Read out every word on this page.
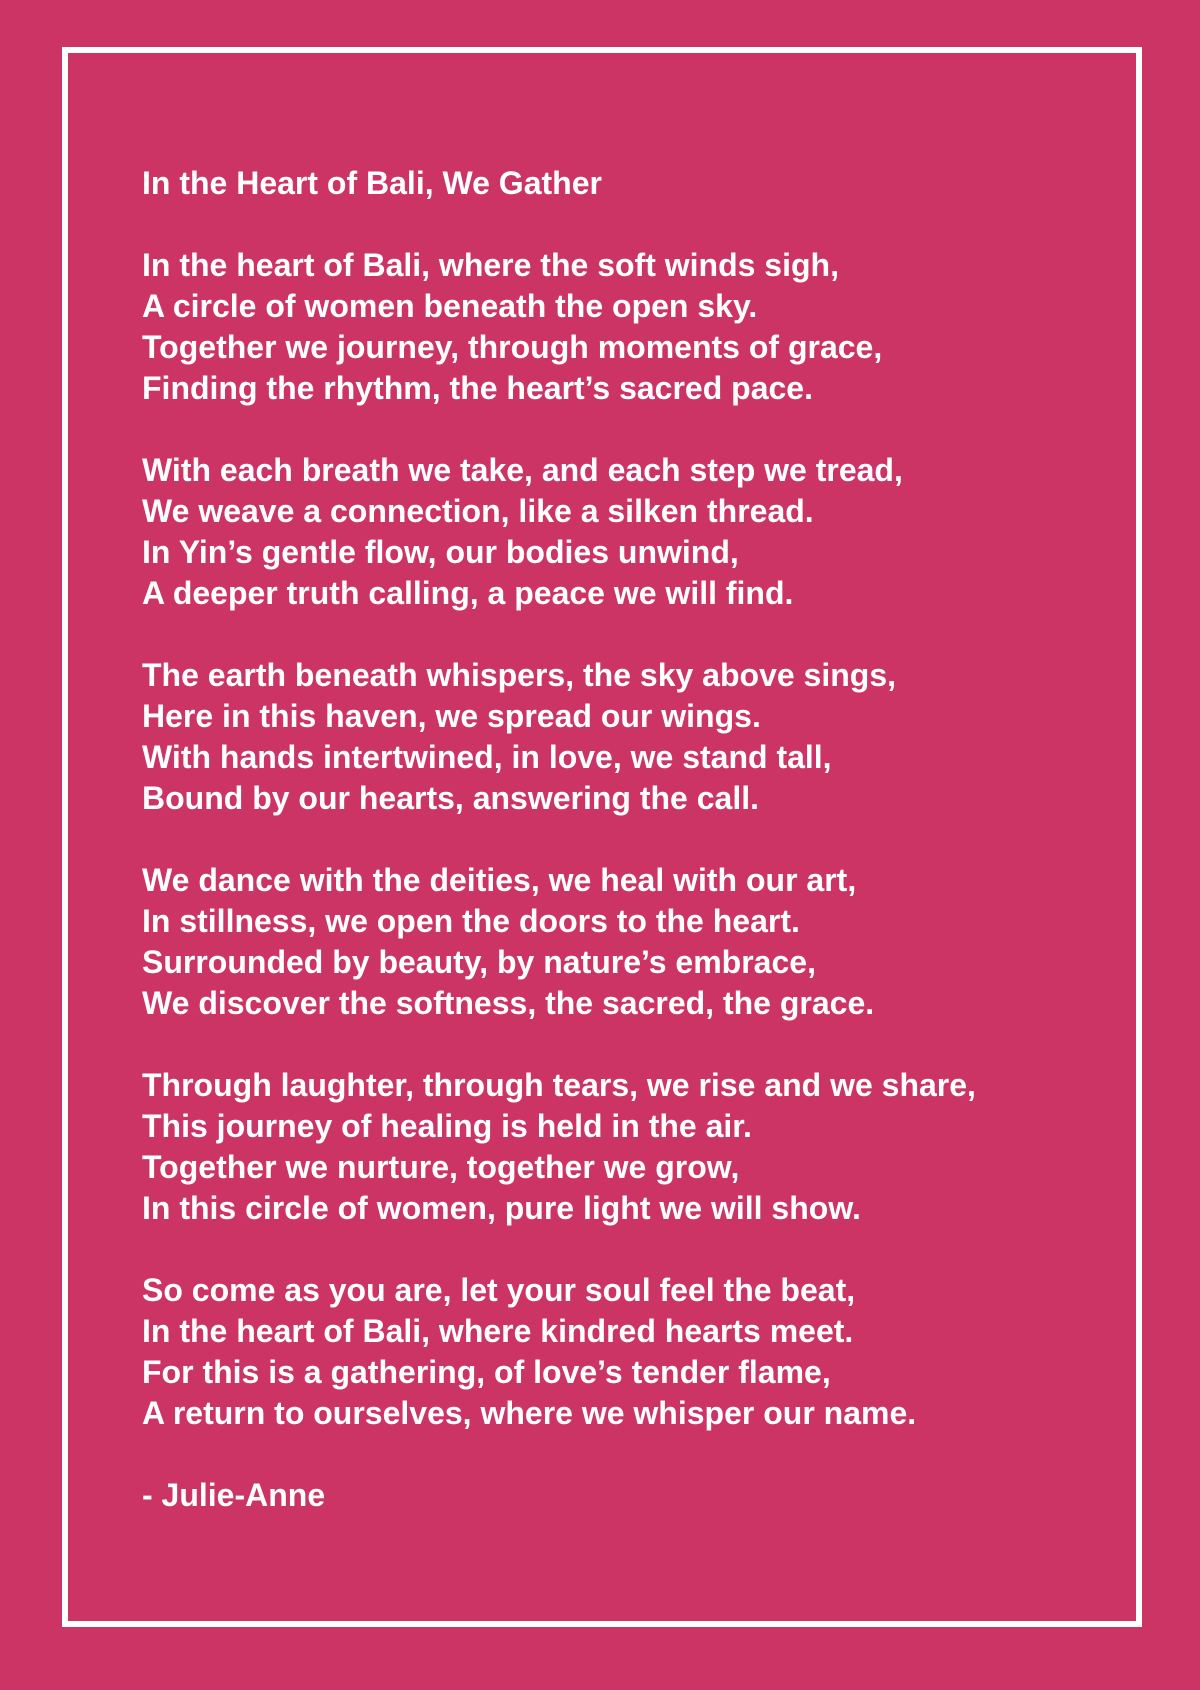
In the Heart of Bali, We Gather
In the heart of Bali, where the soft winds sigh,
A circle of women beneath the open sky.
Together we journey, through moments of grace,
Finding the rhythm, the heart’s sacred pace.
With each breath we take, and each step we tread,
We weave a connection, like a silken thread.
In Yin’s gentle flow, our bodies unwind,
A deeper truth calling, a peace we will find.
The earth beneath whispers, the sky above sings,
Here in this haven, we spread our wings.
With hands intertwined, in love, we stand tall,
Bound by our hearts, answering the call.
We dance with the deities, we heal with our art,
In stillness, we open the doors to the heart.
Surrounded by beauty, by nature’s embrace,
We discover the softness, the sacred, the grace.
Through laughter, through tears, we rise and we share,
This journey of healing is held in the air.
Together we nurture, together we grow,
In this circle of women, pure light we will show.
So come as you are, let your soul feel the beat,
In the heart of Bali, where kindred hearts meet.
For this is a gathering, of love’s tender flame,
A return to ourselves, where we whisper our name.

- Julie-Anne
